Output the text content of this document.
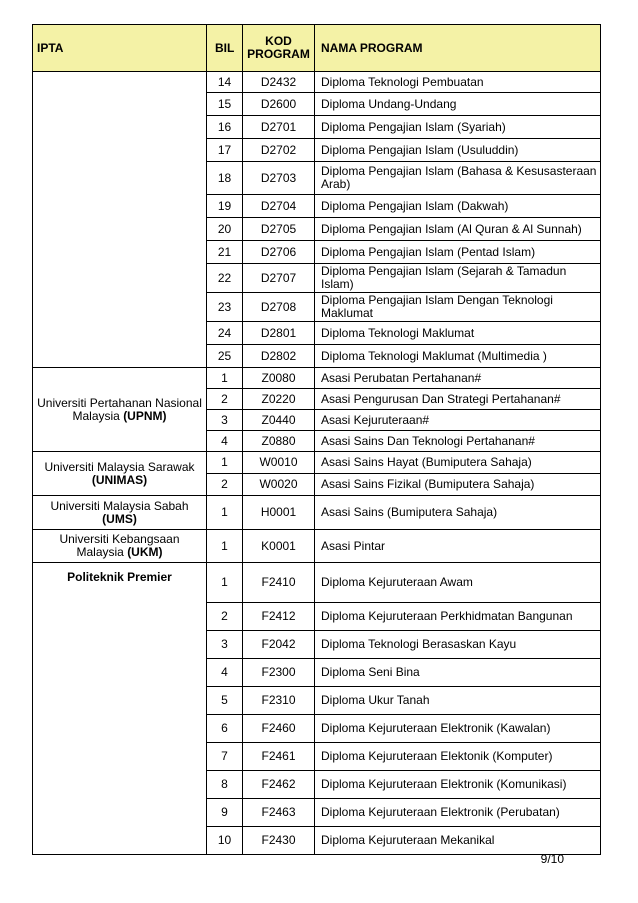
IPTA	BIL	KOD PROGRAM	NAMA PROGRAM
	14	D2432	Diploma Teknologi Pembuatan
	15	D2600	Diploma Undang-Undang
	16	D2701	Diploma Pengajian Islam (Syariah)
	17	D2702	Diploma Pengajian Islam (Usuluddin)
	18	D2703	Diploma Pengajian Islam (Bahasa & Kesusasteraan Arab)
	19	D2704	Diploma Pengajian Islam (Dakwah)
	20	D2705	Diploma Pengajian Islam (Al Quran & Al Sunnah)
	21	D2706	Diploma Pengajian Islam (Pentad Islam)
	22	D2707	Diploma Pengajian Islam (Sejarah & Tamadun Islam)
	23	D2708	Diploma Pengajian Islam Dengan Teknologi Maklumat
	24	D2801	Diploma Teknologi Maklumat
	25	D2802	Diploma Teknologi Maklumat (Multimedia )
Universiti Pertahanan Nasional Malaysia (UPNM)	1	Z0080	Asasi Perubatan Pertahanan#
	2	Z0220	Asasi Pengurusan Dan Strategi Pertahanan#
	3	Z0440	Asasi Kejuruteraan#
	4	Z0880	Asasi Sains Dan Teknologi Pertahanan#
Universiti Malaysia Sarawak (UNIMAS)	1	W0010	Asasi Sains Hayat (Bumiputera Sahaja)
	2	W0020	Asasi Sains Fizikal (Bumiputera Sahaja)
Universiti Malaysia Sabah (UMS)	1	H0001	Asasi Sains (Bumiputera Sahaja)
Universiti Kebangsaan Malaysia (UKM)	1	K0001	Asasi Pintar
Politeknik Premier	1	F2410	Diploma Kejuruteraan Awam
	2	F2412	Diploma Kejuruteraan Perkhidmatan Bangunan
	3	F2042	Diploma Teknologi Berasaskan Kayu
	4	F2300	Diploma Seni Bina
	5	F2310	Diploma Ukur Tanah
	6	F2460	Diploma Kejuruteraan Elektronik (Kawalan)
	7	F2461	Diploma Kejuruteraan Elektonik (Komputer)
	8	F2462	Diploma Kejuruteraan Elektronik (Komunikasi)
	9	F2463	Diploma Kejuruteraan Elektronik (Perubatan)
	10	F2430	Diploma Kejuruteraan Mekanikal
9/10
